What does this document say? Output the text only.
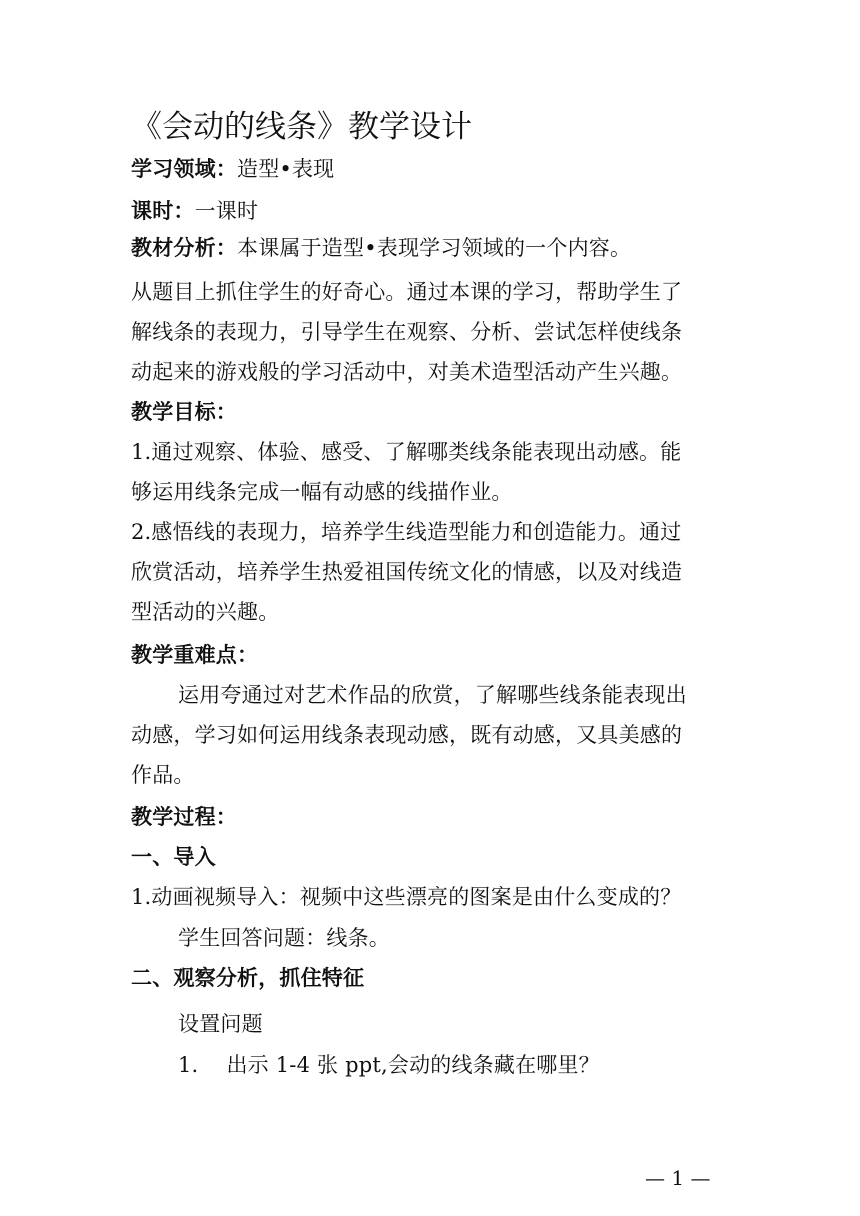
《会动的线条》教学设计
学习领域：造型•表现
课时：一课时
教材分析：本课属于造型•表现学习领域的一个内容。
从题目上抓住学生的好奇心。通过本课的学习，帮助学生了
解线条的表现力，引导学生在观察、分析、尝试怎样使线条
动起来的游戏般的学习活动中，对美术造型活动产生兴趣。
教学目标：
1.通过观察、体验、感受、了解哪类线条能表现出动感。能
够运用线条完成一幅有动感的线描作业。
2.感悟线的表现力，培养学生线造型能力和创造能力。通过
欣赏活动，培养学生热爱祖国传统文化的情感，以及对线造
型活动的兴趣。
教学重难点：
运用夸通过对艺术作品的欣赏，了解哪些线条能表现出
动感，学习如何运用线条表现动感，既有动感，又具美感的
作品。
教学过程：
一、导入
1.动画视频导入：视频中这些漂亮的图案是由什么变成的？
学生回答问题：线条。
二、观察分析，抓住特征
设置问题
1. 出示 1-4 张 ppt,会动的线条藏在哪里？
— 1 —
